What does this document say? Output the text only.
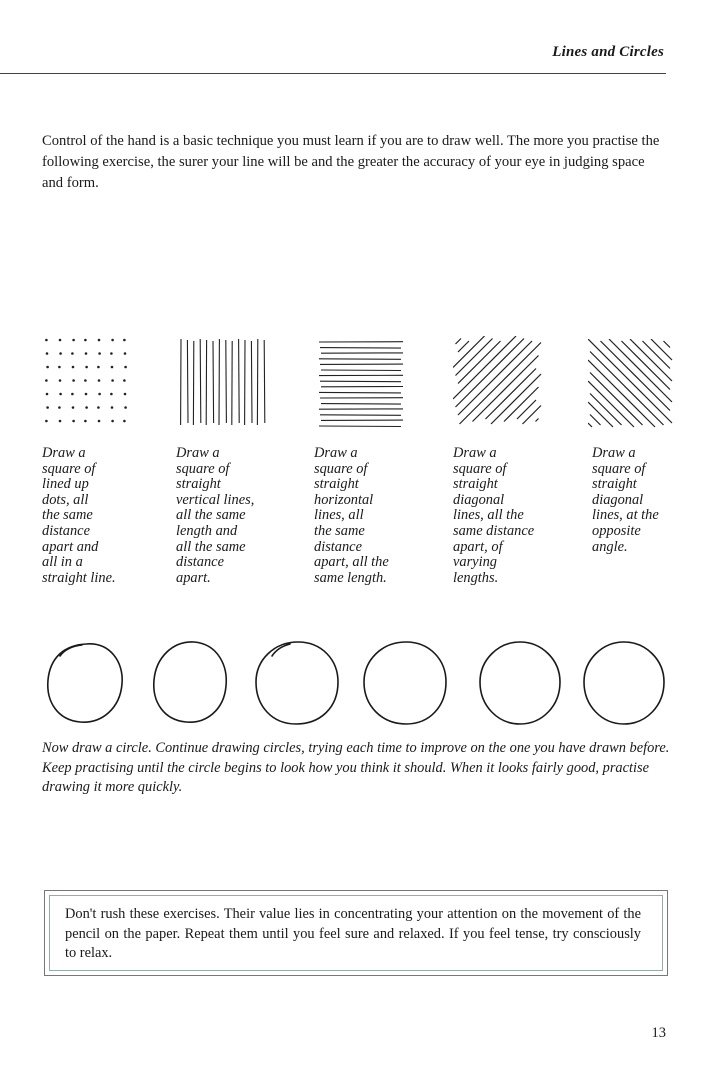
Lines and Circles
Control of the hand is a basic technique you must learn if you are to draw well. The more you practise the following exercise, the surer your line will be and the greater the accuracy of your eye in judging space and form.
Draw a
square of
lined up
dots, all
the same
distance
apart and
all in a
straight line.
Draw a
square of
straight
vertical lines,
all the same
length and
all the same
distance
apart.
Draw a
square of
straight
horizontal
lines, all
the same
distance
apart, all the
same length.
Draw a
square of
straight
diagonal
lines, all the
same distance
apart, of
varying
lengths.
Draw a
square of
straight
diagonal
lines, at the
opposite
angle.
Now draw a circle. Continue drawing circles, trying each time to improve on the one you have drawn before. Keep practising until the circle begins to look how you think it should. When it looks fairly good, practise drawing it more quickly.
Don't rush these exercises. Their value lies in concentrating your attention on the movement of the pencil on the paper. Repeat them until you feel sure and relaxed. If you feel tense, try consciously to relax.
13
